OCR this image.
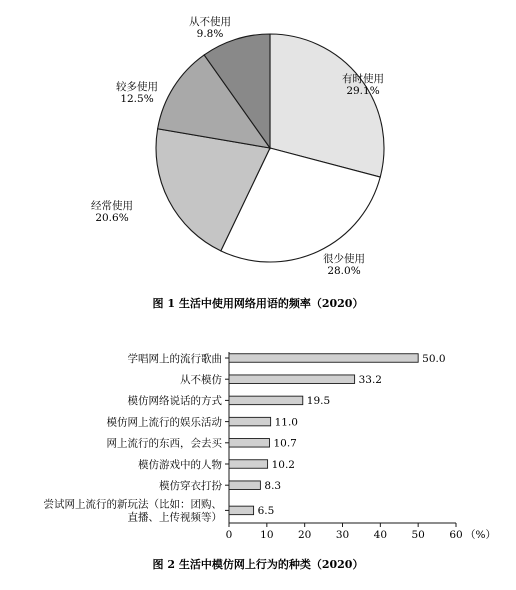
有时使用
29.1%
很少使用
28.0%
经常使用
20.6%
较多使用
12.5%
从不使用
9.8%
图 1 生活中使用网络用语的频率（2020）
0	10 20 30 40 50 60 （%）
50.0
学唱网上的流行歌曲
33.2
从不模仿
19.5
模仿网络说话的方式
11.0
模仿网上流行的娱乐活动
10.7
网上流行的东西，会去买
10.2
模仿游戏中的人物
8.3
模仿穿衣打扮
6.5
尝试网上流行的新玩法（比如：团购、直播、上传视频等）
图 2 生活中模仿网上行为的种类（2020）
